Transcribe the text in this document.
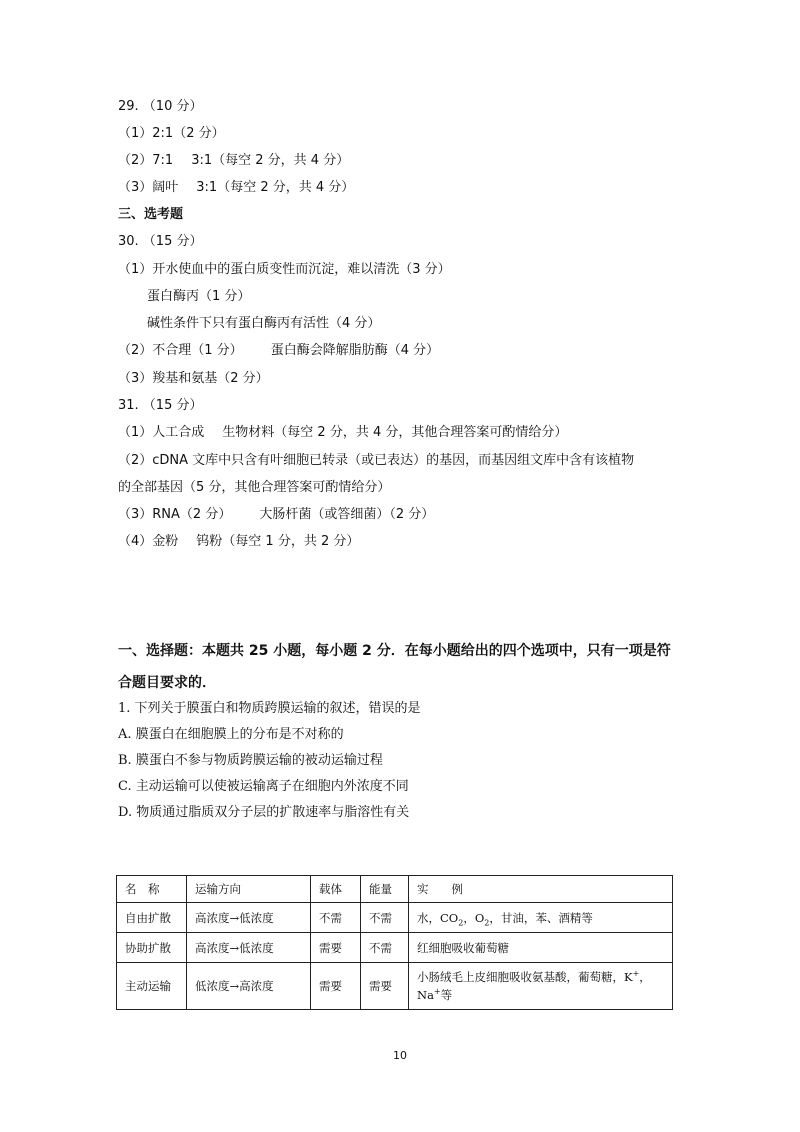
29. （10 分）
（1）2:1（2 分）
（2）7:1 3:1（每空 2 分，共 4 分）
（3）阔叶 3:1（每空 2 分，共 4 分）
三、选考题
30. （15 分）
（1）开水使血中的蛋白质变性而沉淀，难以清洗（3 分）
蛋白酶丙（1 分）
碱性条件下只有蛋白酶丙有活性（4 分）
（2）不合理（1 分） 蛋白酶会降解脂肪酶（4 分）
（3）羧基和氨基（2 分）
31. （15 分）
（1）人工合成 生物材料（每空 2 分，共 4 分，其他合理答案可酌情给分）
（2）cDNA 文库中只含有叶细胞已转录（或已表达）的基因，而基因组文库中含有该植物
的全部基因（5 分，其他合理答案可酌情给分）
（3）RNA（2 分） 大肠杆菌（或答细菌）（2 分）
（4）金粉 钨粉（每空 1 分，共 2 分）
一、选择题：本题共 25 小题，每小题 2 分．在每小题给出的四个选项中，只有一项是符
合题目要求的．
1. 下列关于膜蛋白和物质跨膜运输的叙述，错误的是
A. 膜蛋白在细胞膜上的分布是不对称的
B. 膜蛋白不参与物质跨膜运输的被动运输过程
C. 主动运输可以使被运输离子在细胞内外浓度不同
D. 物质通过脂质双分子层的扩散速率与脂溶性有关
名　称	运输方向	载体	能量	实　　例
自由扩散	高浓度→低浓度	不需	不需	水，$CO_2$，$O_2$，甘油，苯、酒精等
协助扩散	高浓度→低浓度	需要	不需	红细胞吸收葡萄糖
主动运输	低浓度→高浓度	需要	需要	小肠绒毛上皮细胞吸收氨基酸，葡萄糖，K+，Na+等
10
